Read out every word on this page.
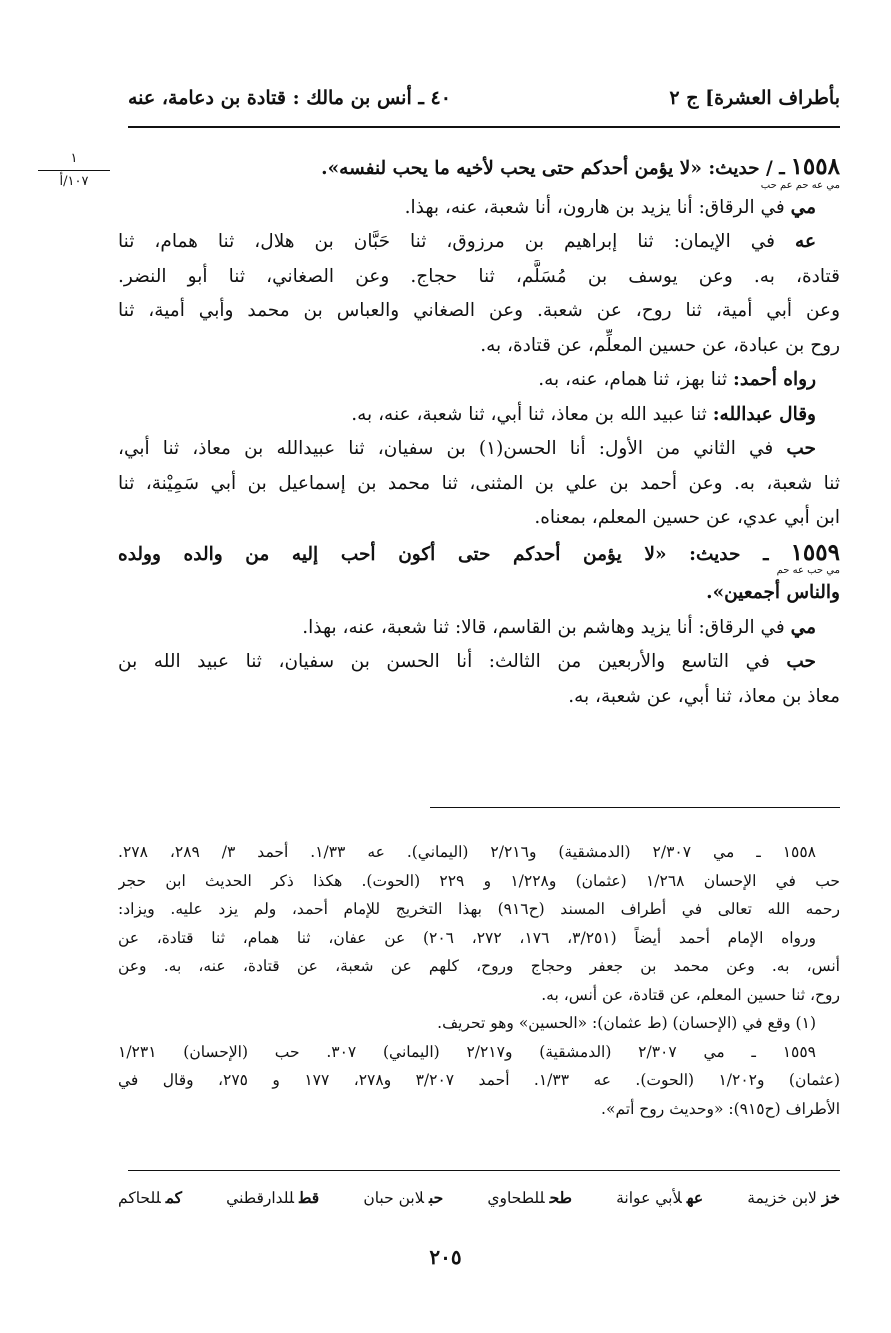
بأطراف العشرة] ج ٢
٤٠ ـ أنس بن مالك : قتادة بن دعامة، عنه
١
١٠٧/أ
١٥٥٨ ـ / حديث: «لا يؤمن أحدكم حتى يحب لأخيه ما يحب لنفسه».
مي عه حم عم حب
مي في الرقاق: أنا يزيد بن هارون، أنا شعبة، عنه، بهذا.
عه في الإيمان: ثنا إبراهيم بن مرزوق، ثنا حَبَّان بن هلال، ثنا همام، ثنا
قتادة، به. وعن يوسف بن مُسَلَّم، ثنا حجاج. وعن الصغاني، ثنا أبو النضر.
وعن أبي أمية، ثنا روح، عن شعبة. وعن الصغاني والعباس بن محمد وأبي أمية، ثنا
روح بن عبادة، عن حسين المعلِّم، عن قتادة، به.
رواه أحمد: ثنا بهز، ثنا همام، عنه، به.
وقال عبدالله: ثنا عبيد الله بن معاذ، ثنا أبي، ثنا شعبة، عنه، به.
حب في الثاني من الأول: أنا الحسن(١) بن سفيان، ثنا عبيدالله بن معاذ، ثنا أبي،
ثنا شعبة، به. وعن أحمد بن علي بن المثنى، ثنا محمد بن إسماعيل بن أبي سَمِيْنة، ثنا
ابن أبي عدي، عن حسين المعلم، بمعناه.
١٥٥٩ ـ حديث: «لا يؤمن أحدكم حتى أكون أحب إليه من والده وولده
مي حب عه حم
والناس أجمعين».
مي في الرقاق: أنا يزيد وهاشم بن القاسم، قالا: ثنا شعبة، عنه، بهذا.
حب في التاسع والأربعين من الثالث: أنا الحسن بن سفيان، ثنا عبيد الله بن
معاذ بن معاذ، ثنا أبي، عن شعبة، به.
١٥٥٨ ـ مي ٢/٣٠٧ (الدمشقية) و٢/٢١٦ (اليماني). عه ١/٣٣. أحمد ٣/ ٢٨٩، ٢٧٨.
حب في الإحسان ١/٢٦٨ (عثمان) و١/٢٢٨ و ٢٢٩ (الحوت). هكذا ذكر الحديث ابن حجر
رحمه الله تعالى في أطراف المسند (ح٩١٦) بهذا التخريج للإمام أحمد، ولم يزد عليه. ويزاد:
ورواه الإمام أحمد أيضاً (٣/٢٥١، ١٧٦، ٢٧٢، ٢٠٦) عن عفان، ثنا همام، ثنا قتادة، عن
أنس، به. وعن محمد بن جعفر وحجاج وروح، كلهم عن شعبة، عن قتادة، عنه، به. وعن
روح، ثنا حسين المعلم، عن قتادة، عن أنس، به.
(١) وقع في (الإحسان) (ط عثمان): «الحسين» وهو تحريف.
١٥٥٩ ـ مي ٢/٣٠٧ (الدمشقية) و٢/٢١٧ (اليماني) ٣٠٧. حب (الإحسان) ١/٢٣١
(عثمان) و١/٢٠٢ (الحوت). عه ١/٣٣. أحمد ٣/٢٠٧ و٢٧٨، ١٧٧ و ٢٧٥، وقال في
الأطراف (ح٩١٥): «وحديث روح أتم».
خزلابن خزيمة
عهلأبي عوانة
طحللطحاوي
حبلابن حبان
قطللدارقطني
كمللحاكم
٢٠٥
